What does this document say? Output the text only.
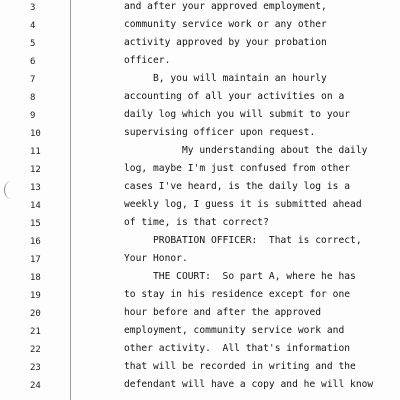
3	and after your approved employment,
4	community service work or any other
5	activity approved by your probation
6	officer.
7	B, you will maintain an hourly
8	accounting of all your activities on a
9	daily log which you will submit to your
10	supervising officer upon request.
11	My understanding about the daily
12	log, maybe I'm just confused from other
13	cases I've heard, is the daily log is a
14	weekly log, I guess it is submitted ahead
15	of time, is that correct?
16	PROBATION OFFICER:  That is correct,
17	Your Honor.
18	THE COURT:  So part A, where he has
19	to stay in his residence except for one
20	hour before and after the approved
21	employment, community service work and
22	other activity.  All that's information
23	that will be recorded in writing and the
24	defendant will have a copy and he will know
